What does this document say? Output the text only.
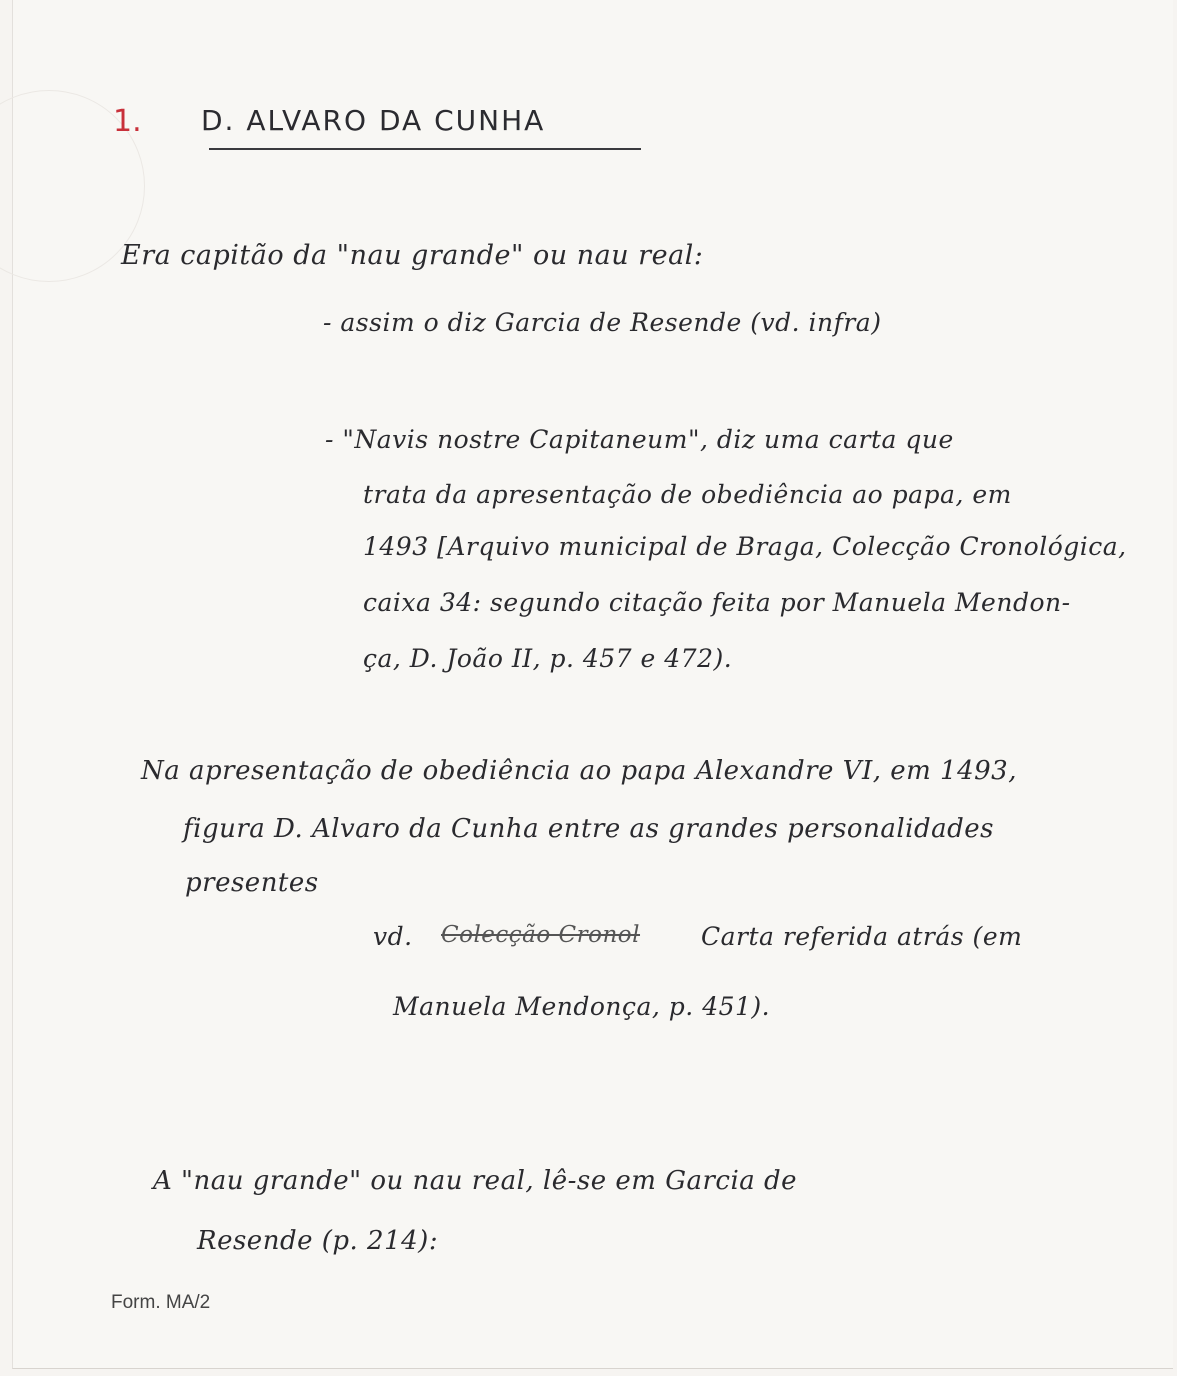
1. D. ALVARO DA CUNHA
Era capitão da "nau grande" ou nau real:
- assim o diz Garcia de Resende (vd. infra)
- "Navis nostre Capitaneum", diz uma carta que
trata da apresentação de obediência ao papa, em
1493 [Arquivo municipal de Braga, Colecção Cronológica,
caixa 34: segundo citação feita por Manuela Mendon-
ça, D. João II, p. 457 e 472).
Na apresentação de obediência ao papa Alexandre VI, em 1493,
figura D. Alvaro da Cunha entre as grandes personalidades
presentes
vd. Colecção Cronol Carta referida atrás (em
Manuela Mendonça, p. 451).
A "nau grande" ou nau real, lê-se em Garcia de
Resende (p. 214):
Form. MA/2
